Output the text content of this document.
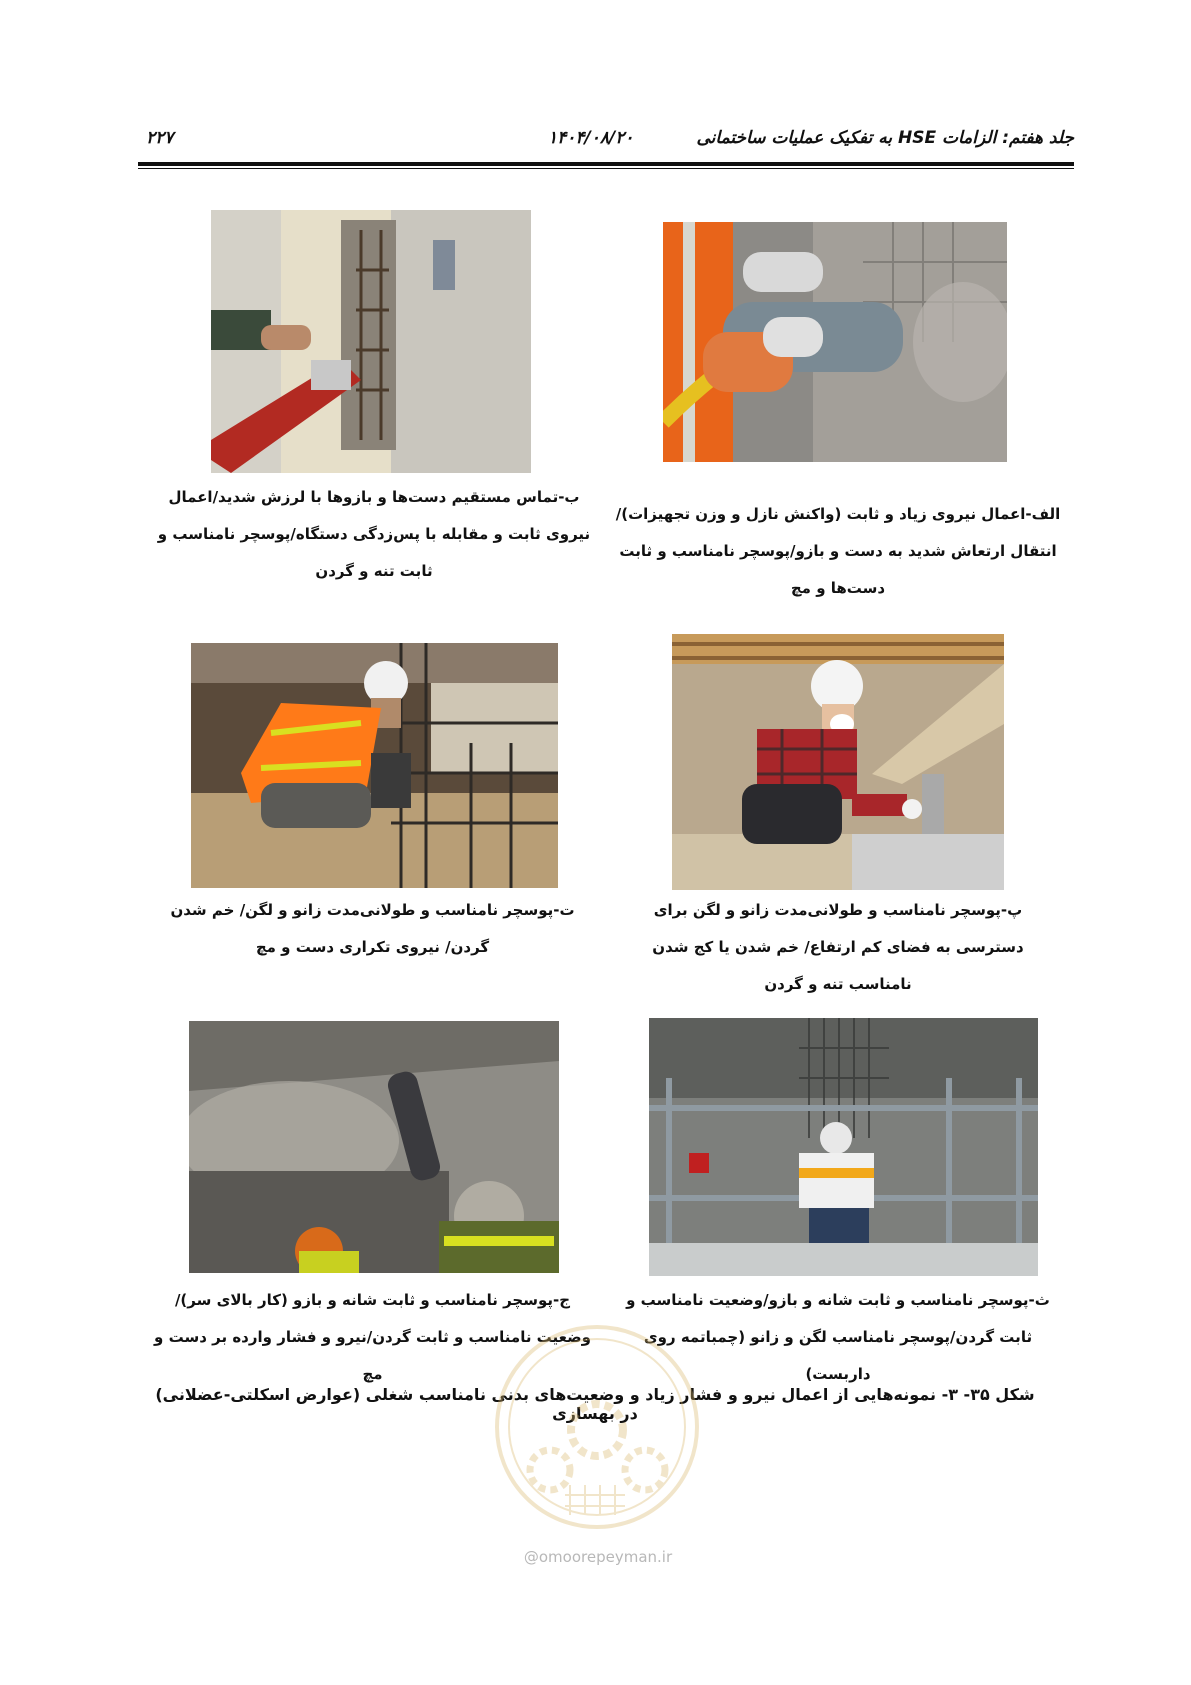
جلد هفتم: الزامات HSE به تفکیک عملیات ساختمانی
۱۴۰۴/۰۸/۲۰
۲۲۷
الف-اعمال نیروی زیاد و ثابت (واکنش نازل و وزن تجهیزات)/ انتقال ارتعاش شدید به دست و بازو/پوسچر نامناسب و ثابت دست‌ها و مچ
ب-تماس مستقیم دست‌ها و بازوها با لرزش شدید/اعمال نیروی ثابت و مقابله با پس‌زدگی دستگاه/پوسچر نامناسب و ثابت تنه و گردن
پ-پوسچر نامناسب و طولانی‌مدت زانو و لگن برای دسترسی به فضای کم ارتفاع/ خم شدن یا کج شدن نامناسب تنه و گردن
ت-پوسچر نامناسب و طولانی‌مدت زانو و لگن/ خم شدن گردن/ نیروی تکراری دست و مچ
ث-پوسچر نامناسب و ثابت شانه و بازو/وضعیت نامناسب و ثابت گردن/پوسچر نامناسب لگن و زانو (چمباتمه روی داربست)
ج-پوسچر نامناسب و ثابت شانه و بازو (کار بالای سر)/ وضعیت نامناسب و ثابت گردن/نیرو و فشار وارده بر دست و مچ
شکل ۳۵- ۳- نمونه‌هایی از اعمال نیرو و فشار زیاد و وضعیت‌های بدنی نامناسب شغلی (عوارض اسکلتی-عضلانی) در بهسازی
@omoorepeyman.ir
